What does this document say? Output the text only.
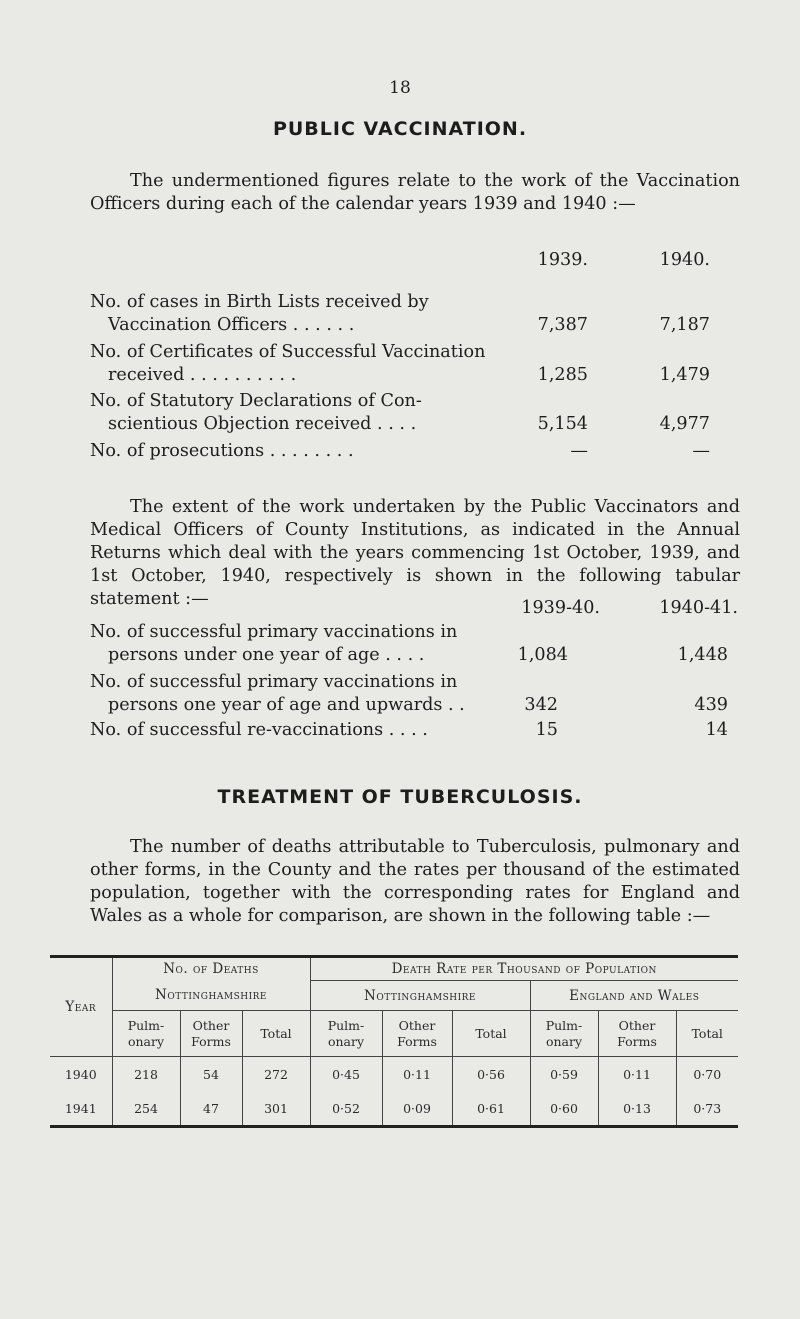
18
PUBLIC VACCINATION.

The undermentioned figures relate to the work of the Vaccination Officers during each of the calendar years 1939 and 1940 :—

1939.	1940.
No. of cases in Birth Lists received by
Vaccination Officers . . . . . .	7,387	7,187
No. of Certificates of Successful Vaccination
received . . . . . . . . . .	1,285	1,479
No. of Statutory Declarations of Con-
scientious Objection received . . . .	5,154	4,977
No. of prosecutions . . . . . . . .	—	—

The extent of the work undertaken by the Public Vaccinators and Medical Officers of County Institutions, as indicated in the Annual Returns which deal with the years commencing 1st October, 1939, and 1st October, 1940, respectively is shown in the following tabular statement :—	1939-40.	1940-41.
No. of successful primary vaccinations in
persons under one year of age . . . .	1,084	1,448
No. of successful primary vaccinations in
persons one year of age and upwards . .	342	439
No. of successful re-vaccinations . . . .	15	14
TREATMENT OF TUBERCULOSIS.

The number of deaths attributable to Tuberculosis, pulmonary and other forms, in the County and the rates per thousand of the estimated population, together with the corresponding rates for England and Wales as a whole for comparison, are shown in the following table :—

Year	No. of Deaths			Death Rate per Thousand of Population					
	Nottinghamshire			Nottinghamshire			England and Wales		
	Pulm-
onary	Other
Forms	Total	Pulm-
onary	Other
Forms	Total	Pulm-
onary	Other
Forms	Total
1940	218	54	272	0·45	0·11	0·56	0·59	0·11	0·70
1941	254	47	301	0·52	0·09	0·61	0·60	0·13	0·73
